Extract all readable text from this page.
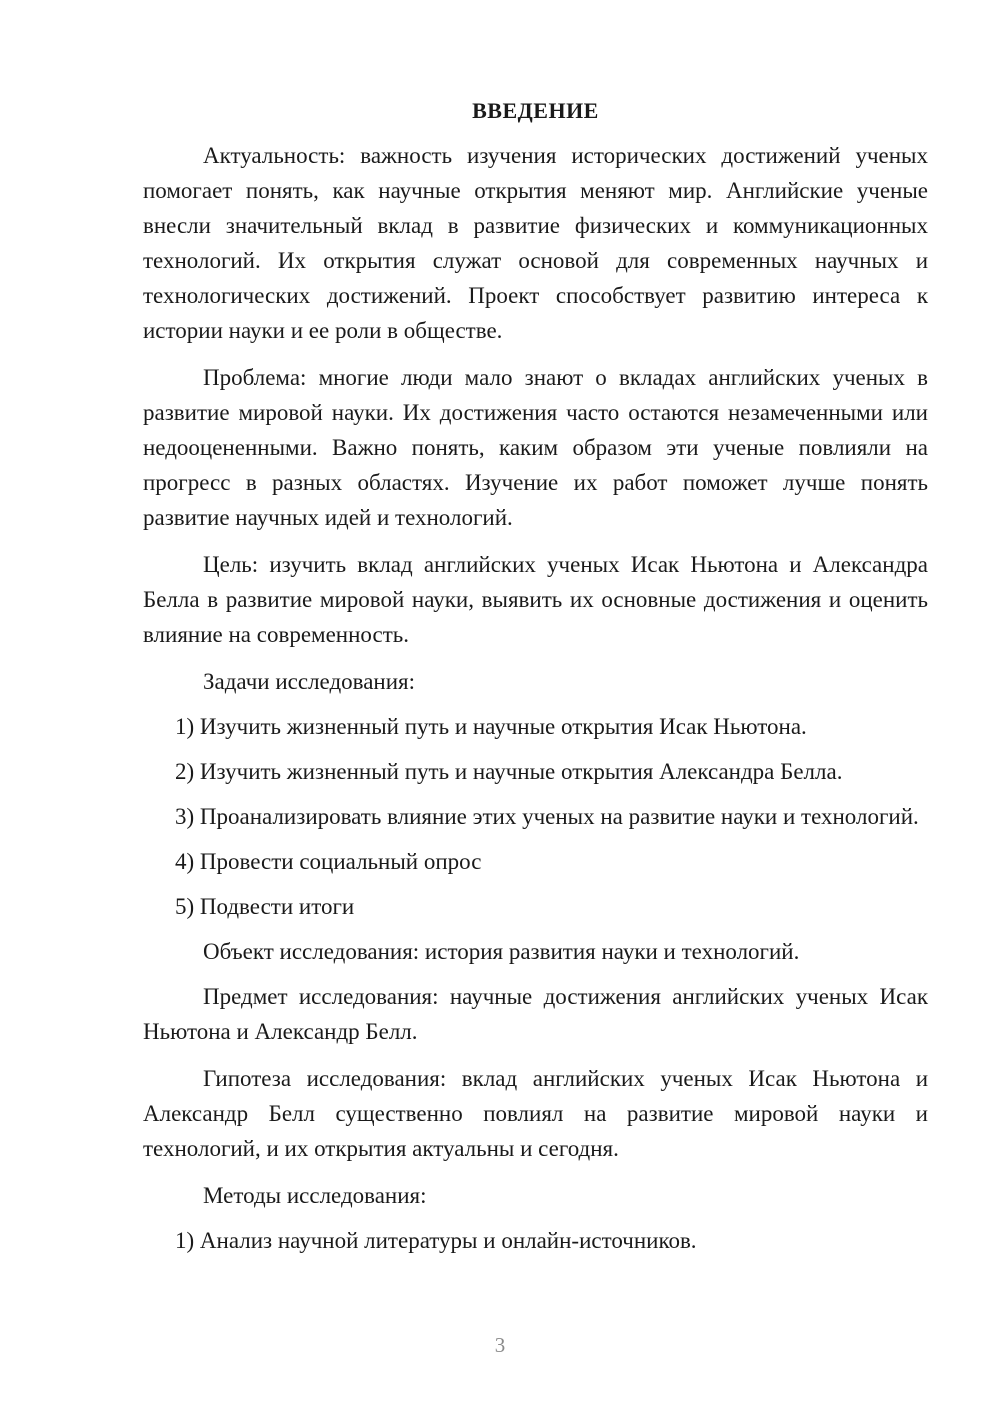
ВВЕДЕНИЕ

Актуальность: важность изучения исторических достижений ученых помогает понять, как научные открытия меняют мир. Английские ученые внесли значительный вклад в развитие физических и коммуникационных технологий. Их открытия служат основой для современных научных и технологических достижений. Проект способствует развитию интереса к истории науки и ее роли в обществе.

Проблема: многие люди мало знают о вкладах английских ученых в развитие мировой науки. Их достижения часто остаются незамеченными или недооцененными. Важно понять, каким образом эти ученые повлияли на прогресс в разных областях. Изучение их работ поможет лучше понять развитие научных идей и технологий.

Цель: изучить вклад английских ученых Исак Ньютона и Александра Белла в развитие мировой науки, выявить их основные достижения и оценить влияние на современность.

Задачи исследования:

1) Изучить жизненный путь и научные открытия Исак Ньютона.

2) Изучить жизненный путь и научные открытия Александра Белла.

3) Проанализировать влияние этих ученых на развитие науки и технологий.

4) Провести социальный опрос

5) Подвести итоги

Объект исследования: история развития науки и технологий.

Предмет исследования: научные достижения английских ученых Исак Ньютона и Александр Белл.

Гипотеза исследования: вклад английских ученых Исак Ньютона и Александр Белл существенно повлиял на развитие мировой науки и технологий, и их открытия актуальны и сегодня.

Методы исследования:

1) Анализ научной литературы и онлайн-источников.

3
